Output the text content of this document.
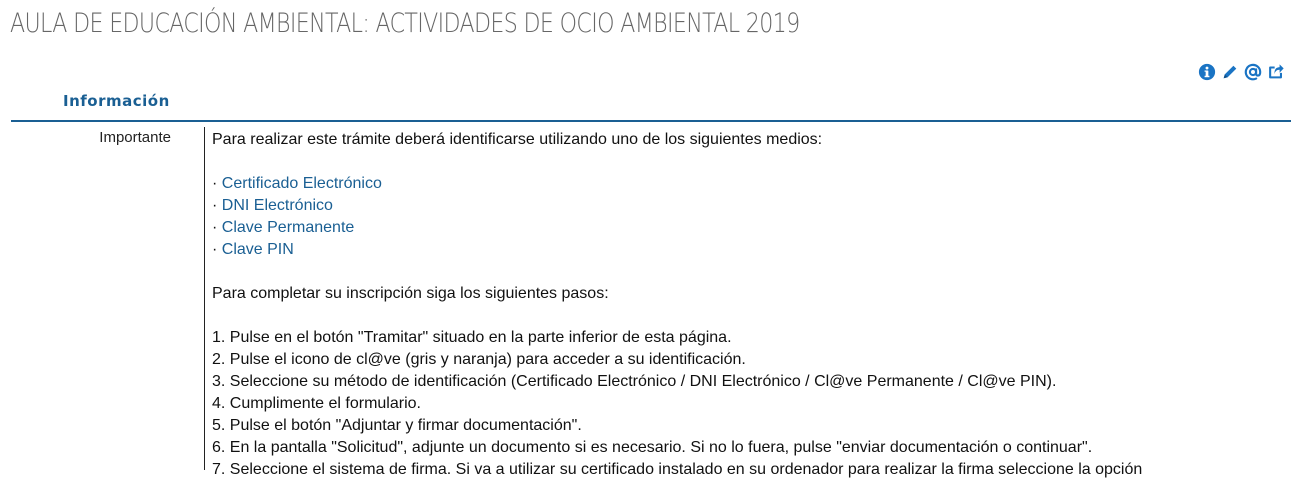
AULA DE EDUCACIÓN AMBIENTAL: ACTIVIDADES DE OCIO AMBIENTAL 2019
Información
Importante	Para realizar este trámite deberá identificarse utilizando uno de los siguientes medios:

· Certificado Electrónico

· DNI Electrónico

· Clave Permanente

· Clave PIN

Para completar su inscripción siga los siguientes pasos:

1. Pulse en el botón "Tramitar" situado en la parte inferior de esta página.

2. Pulse el icono de cl@ve (gris y naranja) para acceder a su identificación.

3. Seleccione su método de identificación (Certificado Electrónico / DNI Electrónico / Cl@ve Permanente / Cl@ve PIN).

4. Cumplimente el formulario.

5. Pulse el botón "Adjuntar y firmar documentación".

6. En la pantalla "Solicitud", adjunte un documento si es necesario. Si no lo fuera, pulse "enviar documentación o continuar".

7. Seleccione el sistema de firma. Si va a utilizar su certificado instalado en su ordenador para realizar la firma seleccione la opción
